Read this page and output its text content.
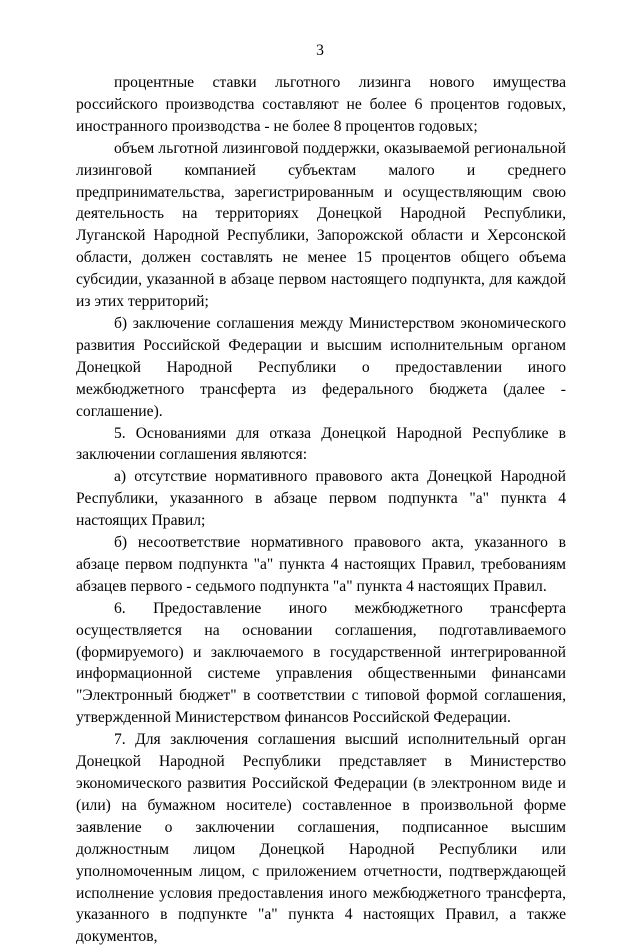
3

процентные ставки льготного лизинга нового имущества российского производства составляют не более 6 процентов годовых, иностранного производства - не более 8 процентов годовых;

объем льготной лизинговой поддержки, оказываемой региональной лизинговой компанией субъектам малого и среднего предпринимательства, зарегистрированным и осуществляющим свою деятельность на территориях Донецкой Народной Республики, Луганской Народной Республики, Запорожской области и Херсонской области, должен составлять не менее 15 процентов общего объема субсидии, указанной в абзаце первом настоящего подпункта, для каждой из этих территорий;

б) заключение соглашения между Министерством экономического развития Российской Федерации и высшим исполнительным органом Донецкой Народной Республики о предоставлении иного межбюджетного трансферта из федерального бюджета (далее - соглашение).

5. Основаниями для отказа Донецкой Народной Республике в заключении соглашения являются:

а) отсутствие нормативного правового акта Донецкой Народной Республики, указанного в абзаце первом подпункта "а" пункта 4 настоящих Правил;

б) несоответствие нормативного правового акта, указанного в абзаце первом подпункта "а" пункта 4 настоящих Правил, требованиям абзацев первого - седьмого подпункта "а" пункта 4 настоящих Правил.

6. Предоставление иного межбюджетного трансферта осуществляется на основании соглашения, подготавливаемого (формируемого) и заключаемого в государственной интегрированной информационной системе управления общественными финансами "Электронный бюджет" в соответствии с типовой формой соглашения, утвержденной Министерством финансов Российской Федерации.

7. Для заключения соглашения высший исполнительный орган Донецкой Народной Республики представляет в Министерство экономического развития Российской Федерации (в электронном виде и (или) на бумажном носителе) составленное в произвольной форме заявление о заключении соглашения, подписанное высшим должностным лицом Донецкой Народной Республики или уполномоченным лицом, с приложением отчетности, подтверждающей исполнение условия предоставления иного межбюджетного трансферта, указанного в подпункте "а" пункта 4 настоящих Правил, а также документов,
